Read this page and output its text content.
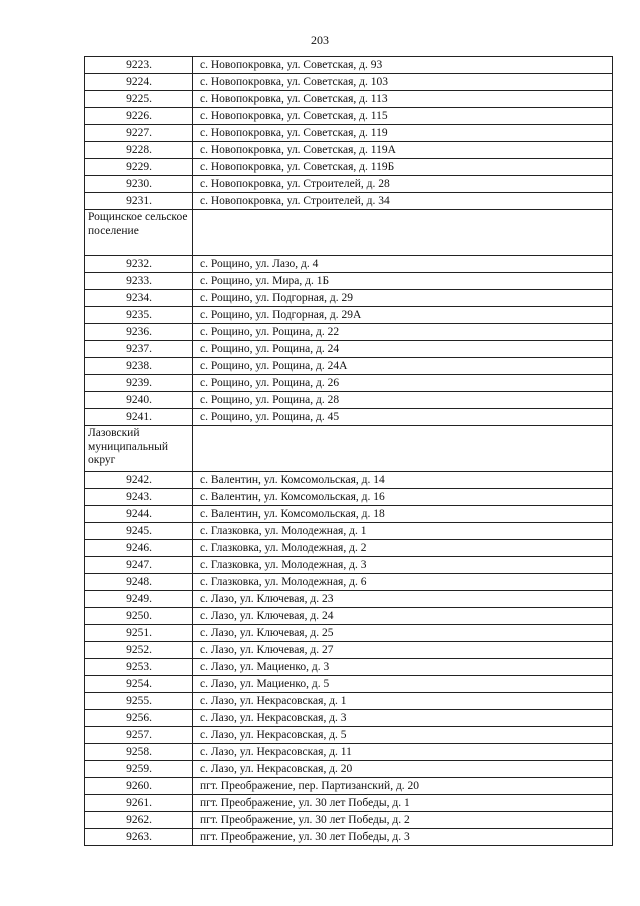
203
9223.	с. Новопокровка, ул. Советская, д. 93
9224.	с. Новопокровка, ул. Советская, д. 103
9225.	с. Новопокровка, ул. Советская, д. 113
9226.	с. Новопокровка, ул. Советская, д. 115
9227.	с. Новопокровка, ул. Советская, д. 119
9228.	с. Новопокровка, ул. Советская, д. 119А
9229.	с. Новопокровка, ул. Советская, д. 119Б
9230.	с. Новопокровка, ул. Строителей, д. 28
9231.	с. Новопокровка, ул. Строителей, д. 34
Рощинское сельское поселение	
9232.	с. Рощино, ул. Лазо, д. 4
9233.	с. Рощино, ул. Мира, д. 1Б
9234.	с. Рощино, ул. Подгорная, д. 29
9235.	с. Рощино, ул. Подгорная, д. 29А
9236.	с. Рощино, ул. Рощина, д. 22
9237.	с. Рощино, ул. Рощина, д. 24
9238.	с. Рощино, ул. Рощина, д. 24А
9239.	с. Рощино, ул. Рощина, д. 26
9240.	с. Рощино, ул. Рощина, д. 28
9241.	с. Рощино, ул. Рощина, д. 45
Лазовский муниципальный округ	
9242.	с. Валентин, ул. Комсомольская, д. 14
9243.	с. Валентин, ул. Комсомольская, д. 16
9244.	с. Валентин, ул. Комсомольская, д. 18
9245.	с. Глазковка, ул. Молодежная, д. 1
9246.	с. Глазковка, ул. Молодежная, д. 2
9247.	с. Глазковка, ул. Молодежная, д. 3
9248.	с. Глазковка, ул. Молодежная, д. 6
9249.	с. Лазо, ул. Ключевая, д. 23
9250.	с. Лазо, ул. Ключевая, д. 24
9251.	с. Лазо, ул. Ключевая, д. 25
9252.	с. Лазо, ул. Ключевая, д. 27
9253.	с. Лазо, ул. Мациенко, д. 3
9254.	с. Лазо, ул. Мациенко, д. 5
9255.	с. Лазо, ул. Некрасовская, д. 1
9256.	с. Лазо, ул. Некрасовская, д. 3
9257.	с. Лазо, ул. Некрасовская, д. 5
9258.	с. Лазо, ул. Некрасовская, д. 11
9259.	с. Лазо, ул. Некрасовская, д. 20
9260.	пгт. Преображение, пер. Партизанский, д. 20
9261.	пгт. Преображение, ул. 30 лет Победы, д. 1
9262.	пгт. Преображение, ул. 30 лет Победы, д. 2
9263.	пгт. Преображение, ул. 30 лет Победы, д. 3
